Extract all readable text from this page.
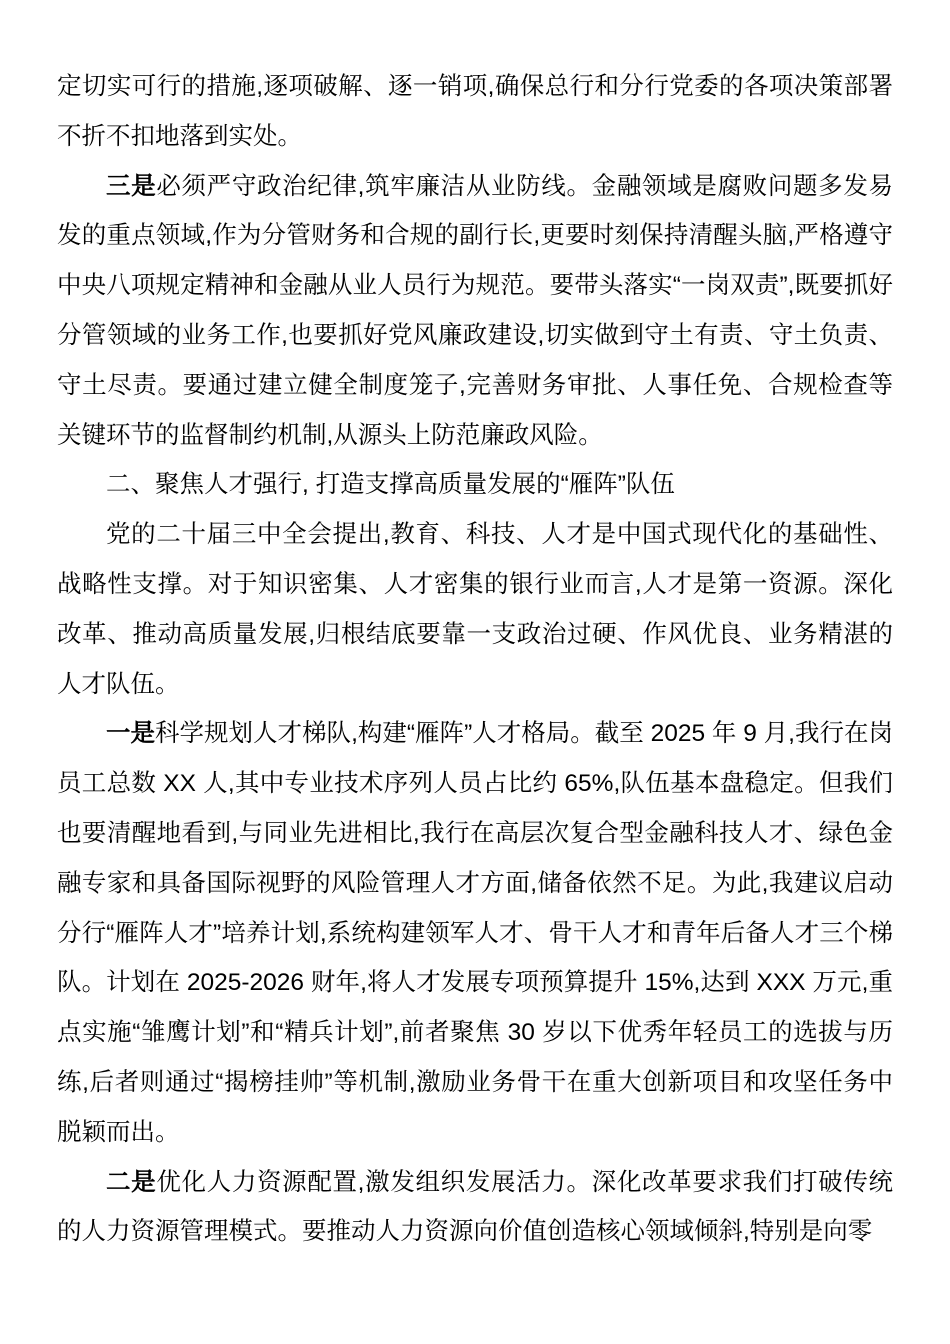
定切实可行的措施,逐项破解、逐一销项,确保总行和分行党委的各项决策部署不折不扣地落到实处。

三是必须严守政治纪律,筑牢廉洁从业防线。金融领域是腐败问题多发易发的重点领域,作为分管财务和合规的副行长,更要时刻保持清醒头脑,严格遵守中央八项规定精神和金融从业人员行为规范。要带头落实“一岗双责”,既要抓好分管领域的业务工作,也要抓好党风廉政建设,切实做到守土有责、守土负责、守土尽责。要通过建立健全制度笼子,完善财务审批、人事任免、合规检查等关键环节的监督制约机制,从源头上防范廉政风险。

二、聚焦人才强行, 打造支撑高质量发展的“雁阵”队伍

党的二十届三中全会提出,教育、科技、人才是中国式现代化的基础性、战略性支撑。对于知识密集、人才密集的银行业而言,人才是第一资源。深化改革、推动高质量发展,归根结底要靠一支政治过硬、作风优良、业务精湛的人才队伍。

一是科学规划人才梯队,构建“雁阵”人才格局。截至 2025 年 9 月,我行在岗员工总数 XX 人,其中专业技术序列人员占比约 65%,队伍基本盘稳定。但我们也要清醒地看到,与同业先进相比,我行在高层次复合型金融科技人才、绿色金融专家和具备国际视野的风险管理人才方面,储备依然不足。为此,我建议启动分行“雁阵人才”培养计划,系统构建领军人才、骨干人才和青年后备人才三个梯队。计划在 2025-2026 财年,将人才发展专项预算提升 15%,达到 XXX 万元,重点实施“雏鹰计划”和“精兵计划”,前者聚焦 30 岁以下优秀年轻员工的选拔与历练,后者则通过“揭榜挂帅”等机制,激励业务骨干在重大创新项目和攻坚任务中脱颖而出。

二是优化人力资源配置,激发组织发展活力。深化改革要求我们打破传统的人力资源管理模式。要推动人力资源向价值创造核心领域倾斜,特别是向零
